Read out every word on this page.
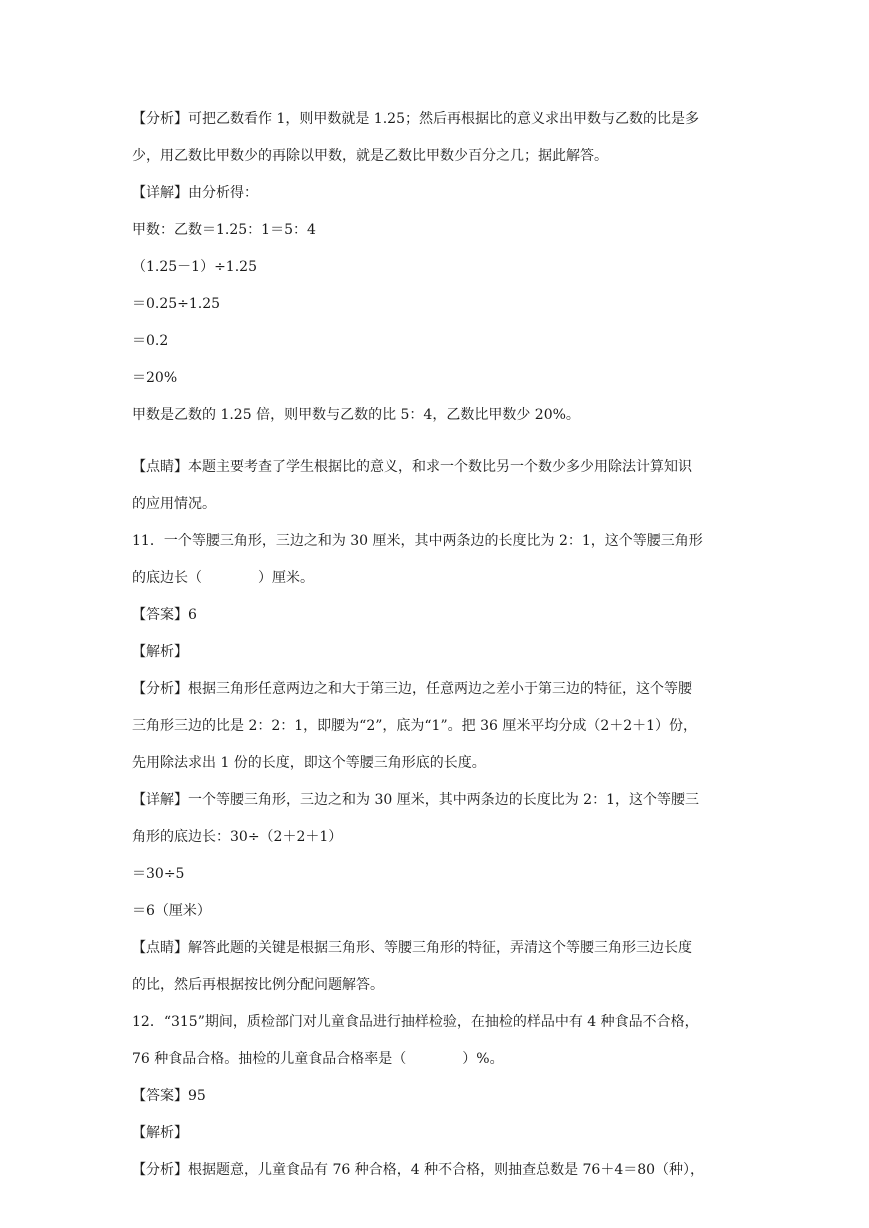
【分析】可把乙数看作 1，则甲数就是 1.25；然后再根据比的意义求出甲数与乙数的比是多

少，用乙数比甲数少的再除以甲数，就是乙数比甲数少百分之几；据此解答。

【详解】由分析得：

甲数：乙数＝1.25：1＝5：4

（1.25－1）÷1.25

＝0.25÷1.25

＝0.2

＝20%

甲数是乙数的 1.25 倍，则甲数与乙数的比 5：4，乙数比甲数少 20%。

【点睛】本题主要考查了学生根据比的意义，和求一个数比另一个数少多少用除法计算知识

的应用情况。

11．一个等腰三角形，三边之和为 30 厘米，其中两条边的长度比为 2：1，这个等腰三角形

的底边长（　　　　）厘米。

【答案】6

【解析】

【分析】根据三角形任意两边之和大于第三边，任意两边之差小于第三边的特征，这个等腰

三角形三边的比是 2：2：1，即腰为“2”，底为“1”。把 36 厘米平均分成（2＋2＋1）份，

先用除法求出 1 份的长度，即这个等腰三角形底的长度。

【详解】一个等腰三角形，三边之和为 30 厘米，其中两条边的长度比为 2：1，这个等腰三

角形的底边长：30÷（2＋2＋1）

＝30÷5

＝6（厘米）

【点睛】解答此题的关键是根据三角形、等腰三角形的特征，弄清这个等腰三角形三边长度

的比，然后再根据按比例分配问题解答。

12．“315”期间，质检部门对儿童食品进行抽样检验，在抽检的样品中有 4 种食品不合格，

76 种食品合格。抽检的儿童食品合格率是（　　　　）%。

【答案】95

【解析】

【分析】根据题意，儿童食品有 76 种合格，4 种不合格，则抽查总数是 76＋4＝80（种），
